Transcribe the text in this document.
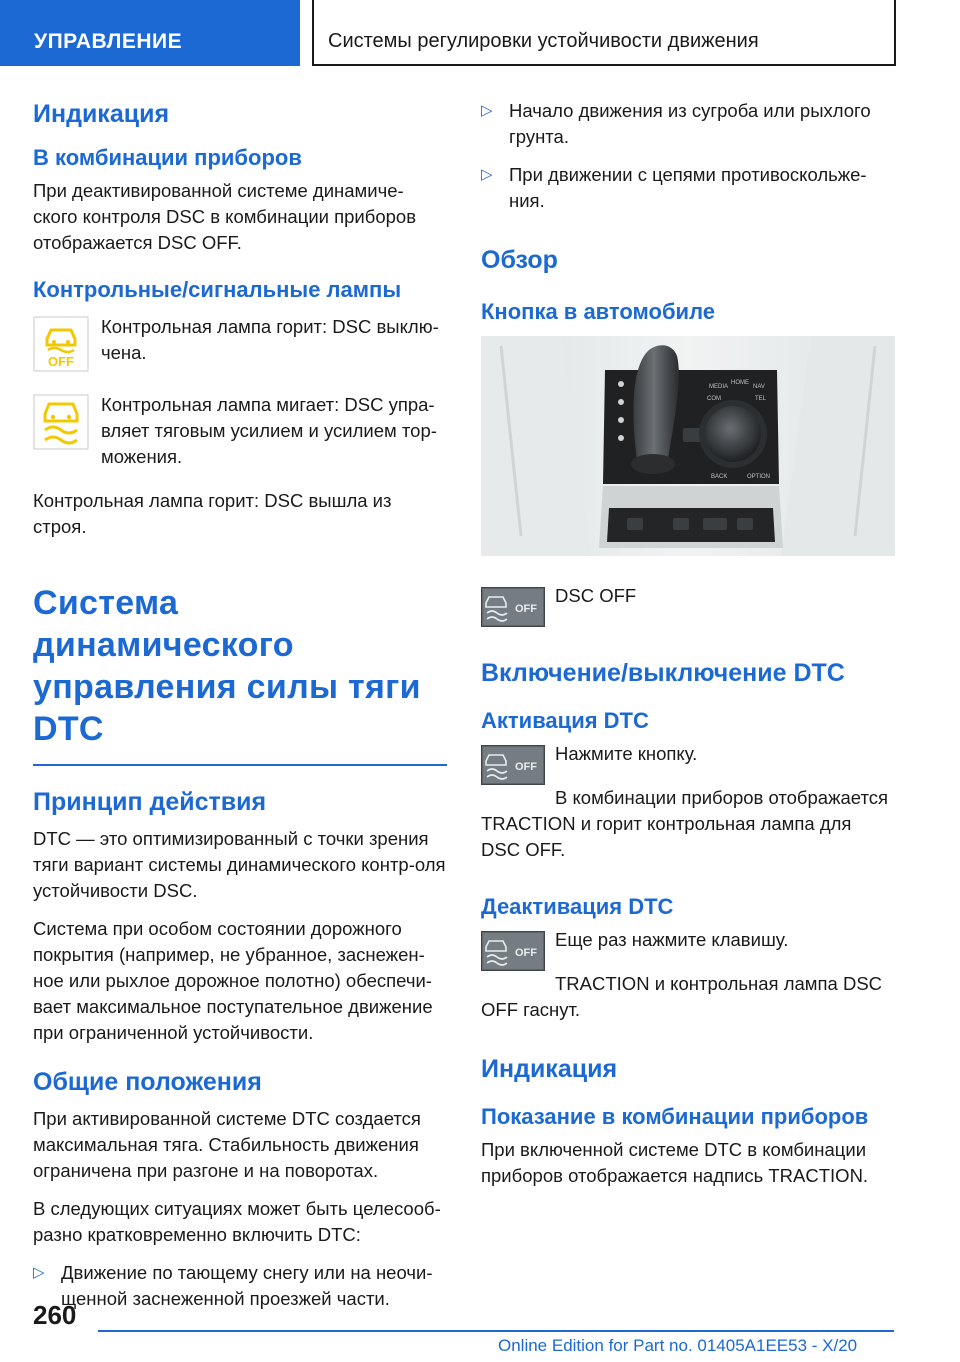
УПРАВЛЕНИЕ	Системы регулировки устойчивости движения
Индикация
В комбинации приборов

При деактивированной системе динамиче-ского контроля DSC в комбинации приборов отображается DSC OFF.

Контрольные/сигнальные лампы
OFF

Контрольная лампа горит: DSC выклю-чена.

Контрольная лампа мигает: DSC упра-вляет тяговым усилием и усилием тор-можения.

Контрольная лампа горит: DSC вышла из строя.

Система динамического управления силы тяги DTC
Принцип действия

DTC — это оптимизированный с точки зрения тяги вариант системы динамического контр-оля устойчивости DSC.

Система при особом состоянии дорожного покрытия (например, не убранное, заснежен-ное или рыхлое дорожное полотно) обеспечи-вает максимальное поступательное движение при ограниченной устойчивости.

Общие положения

При активированной системе DTC создается максимальная тяга. Стабильность движения ограничена при разгоне и на поворотах.

В следующих ситуациях может быть целесооб-разно кратковременно включить DTC:

▷ Движение по тающему снегу или на неочи-щенной заснеженной проезжей части.

▷ Начало движения из сугроба или рыхлого грунта.

▷ При движении с цепями противоскольже-ния.

Обзор
Кнопка в автомобиле
MEDIA
HOME
NAV
COM	TEL
BACK	OPTION
OFF

DSC OFF

Включение/выключение DTC
Активация DTC
OFF

Нажмите кнопку.

В комбинации приборов отображается TRACTION и горит контрольная лампа для DSC OFF.

Деактивация DTC
OFF

Еще раз нажмите клавишу.

TRACTION и контрольная лампа DSC OFF гаснут.

Индикация
Показание в комбинации приборов

При включенной системе DTC в комбинации приборов отображается надпись TRACTION.

260
Online Edition for Part no. 01405A1EE53 - X/20
